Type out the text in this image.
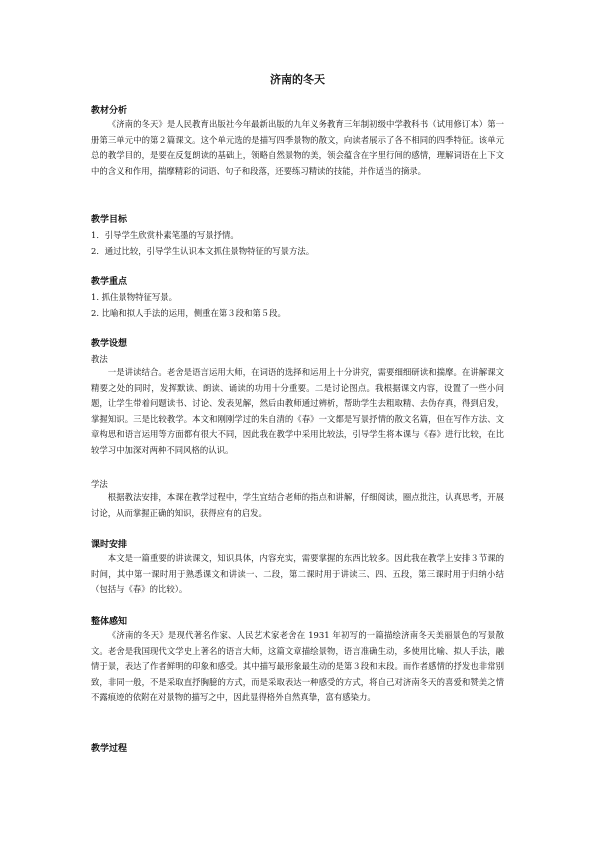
济南的冬天
教材分析
《济南的冬天》是人民教育出版社今年最新出版的九年义务教育三年制初级中学教科书（试用修订本）第一册第三单元中的第２篇课文。这个单元选的是描写四季景物的散文，向读者展示了各不相同的四季特征。该单元总的教学目的，是要在反复朗读的基础上，领略自然景物的美，领会蕴含在字里行间的感情，理解词语在上下文中的含义和作用，揣摩精彩的词语、句子和段落，还要练习精读的技能，并作适当的摘录。
教学目标
1．引导学生欣赏朴素笔墨的写景抒情。
2．通过比较，引导学生认识本文抓住景物特征的写景方法。
教学重点
1. 抓住景物特征写景。
2. 比喻和拟人手法的运用，侧重在第３段和第５段。
教学设想
教法
一是讲读结合。老舍是语言运用大师，在词语的选择和运用上十分讲究，需要细细研读和揣摩。在讲解课文精要之处的同时，发挥默读、朗读、诵读的功用十分重要。二是讨论图点。我根据课文内容，设置了一些小问题，让学生带着问题读书、讨论、发表见解，然后由教师通过辨析，帮助学生去粗取精、去伪存真，得到启发，掌握知识。三是比较教学。本文和刚刚学过的朱自清的《春》一文都是写景抒情的散文名篇，但在写作方法、文章构思和语言运用等方面都有很大不同，因此我在教学中采用比较法，引导学生将本课与《春》进行比较，在比较学习中加深对两种不同风格的认识。
学法
根据教法安排，本课在教学过程中，学生宜结合老师的指点和讲解，仔细阅读，圈点批注，认真思考，开展讨论，从而掌握正确的知识，获得应有的启发。
课时安排
本文是一篇重要的讲读课文，知识具体，内容充实，需要掌握的东西比较多。因此我在教学上安排３节课的时间，其中第一课时用于熟悉课文和讲读一、二段，第二课时用于讲读三、四、五段，第三课时用于归纳小结（包括与《春》的比较）。
整体感知
《济南的冬天》是现代著名作家、人民艺术家老舍在 1931 年初写的一篇描绘济南冬天美丽景色的写景散文。老舍是我国现代文学史上著名的语言大师，这篇文章描绘景物，语言准确生动，多使用比喻、拟人手法，融情于景，表达了作者鲜明的印象和感受。其中描写最形象最生动的是第３段和末段。而作者感情的抒发也非常别致，非同一般，不是采取直抒胸臆的方式，而是采取表达一种感受的方式，将自己对济南冬天的喜爱和赞美之情不露痕迹的依附在对景物的描写之中，因此显得格外自然真挚，富有感染力。
教学过程
